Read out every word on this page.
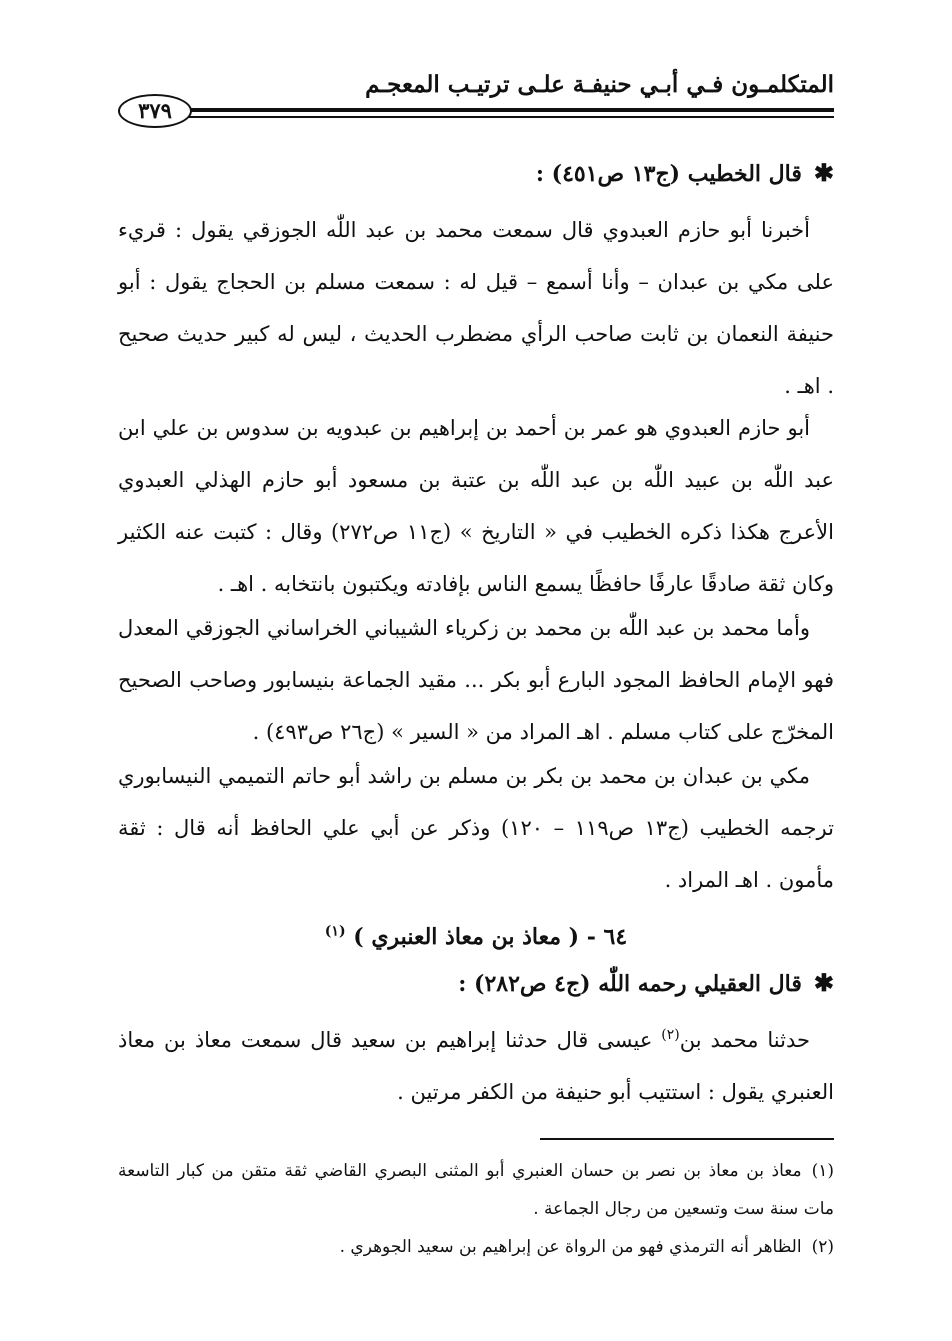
المتكلمـون فـي أبـي حنيفـة علـى ترتيـب المعجـم
٣٧٩
✱قال الخطيب (ج١٣ ص٤٥١) :

أخبرنا أبو حازم العبدوي قال سمعت محمد بن عبد اللّٰه الجوزقي يقول : قريء على مكي بن عبدان – وأنا أسمع – قيل له : سمعت مسلم بن الحجاج يقول : أبو حنيفة النعمان بن ثابت صاحب الرأي مضطرب الحديث ، ليس له كبير حديث صحيح . اهـ .

أبو حازم العبدوي هو عمر بن أحمد بن إبراهيم بن عبدويه بن سدوس بن علي ابن عبد اللّٰه بن عبيد اللّٰه بن عبد اللّٰه بن عتبة بن مسعود أبو حازم الهذلي العبدوي الأعرج هكذا ذكره الخطيب في « التاريخ » (ج١١ ص٢٧٢) وقال : كتبت عنه الكثير وكان ثقة صادقًا عارفًا حافظًا يسمع الناس بإفادته ويكتبون بانتخابه . اهـ .

وأما محمد بن عبد اللّٰه بن محمد بن زكرياء الشيباني الخراساني الجوزقي المعدل فهو الإمام الحافظ المجود البارع أبو بكر ... مقيد الجماعة بنيسابور وصاحب الصحيح المخرّج على كتاب مسلم . اهـ المراد من « السير » (ج٢٦ ص٤٩٣) .

مكي بن عبدان بن محمد بن بكر بن مسلم بن راشد أبو حاتم التميمي النيسابوري ترجمه الخطيب (ج١٣ ص١١٩ – ١٢٠) وذكر عن أبي علي الحافظ أنه قال : ثقة مأمون . اهـ المراد .

٦٤ - ( معاذ بن معاذ العنبري ) $^{(١)}$
✱قال العقيلي رحمه اللّٰه (ج٤ ص٢٨٢) :

حدثنا محمد بن$^{(٢)}$ عيسى قال حدثنا إبراهيم بن سعيد قال سمعت معاذ بن معاذ العنبري يقول : استتيب أبو حنيفة من الكفر مرتين .

(١)معاذ بن معاذ بن نصر بن حسان العنبري أبو المثنى البصري القاضي ثقة متقن من كبار التاسعة مات سنة ست وتسعين من رجال الجماعة .

(٢)الظاهر أنه الترمذي فهو من الرواة عن إبراهيم بن سعيد الجوهري .
